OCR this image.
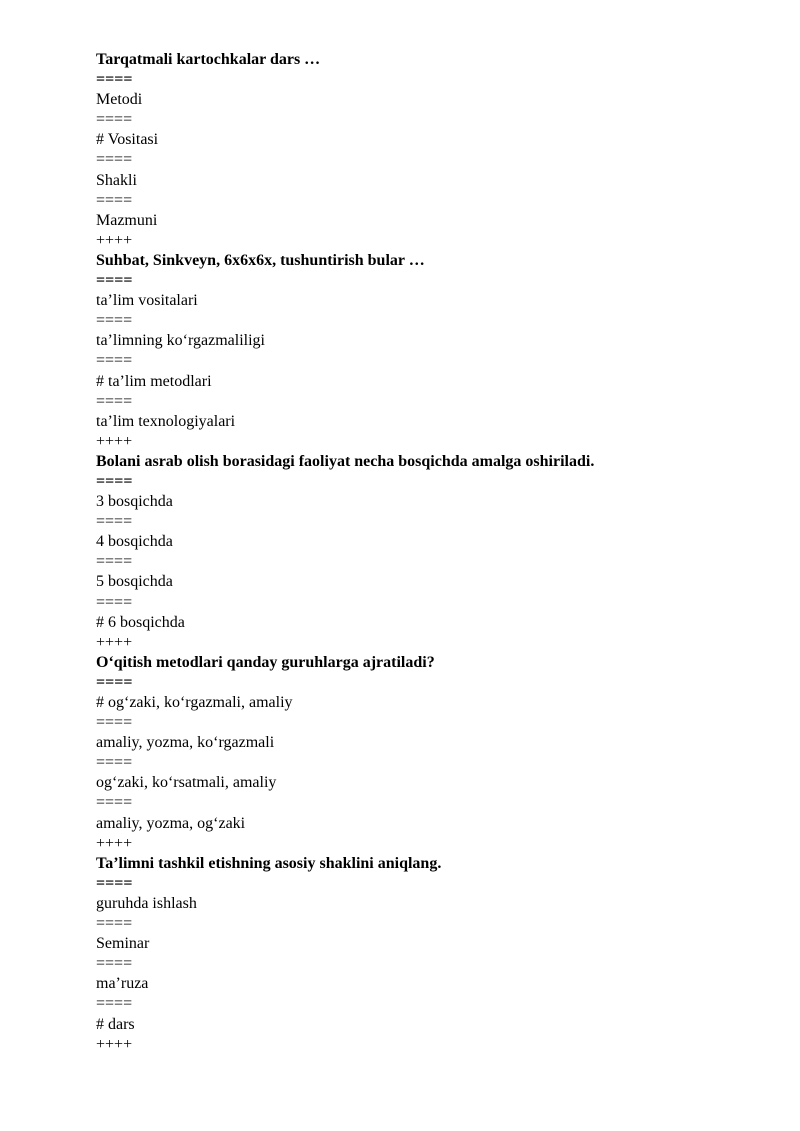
Tarqatmali kartochkalar dars …
====
Metodi
====
# Vositasi
====
Shakli
====
Mazmuni
++++
Suhbat, Sinkveyn, 6x6x6x, tushuntirish bular …
====
ta’lim vositalari
====
ta’limning ko‘rgazmaliligi
====
# ta’lim metodlari
====
ta’lim texnologiyalari
++++
Bolani asrab olish borasidagi faoliyat necha bosqichda amalga oshiriladi.
====
3 bosqichda
====
4 bosqichda
====
5 bosqichda
====
# 6 bosqichda
++++
O‘qitish metodlari qanday guruhlarga ajratiladi?
====
# og‘zaki, ko‘rgazmali, amaliy
====
amaliy, yozma, ko‘rgazmali
====
og‘zaki, ko‘rsatmali, amaliy
====
amaliy, yozma, og‘zaki
++++
Ta’limni tashkil etishning asosiy shaklini aniqlang.
====
guruhda ishlash
====
Seminar
====
ma’ruza
====
# dars
++++
